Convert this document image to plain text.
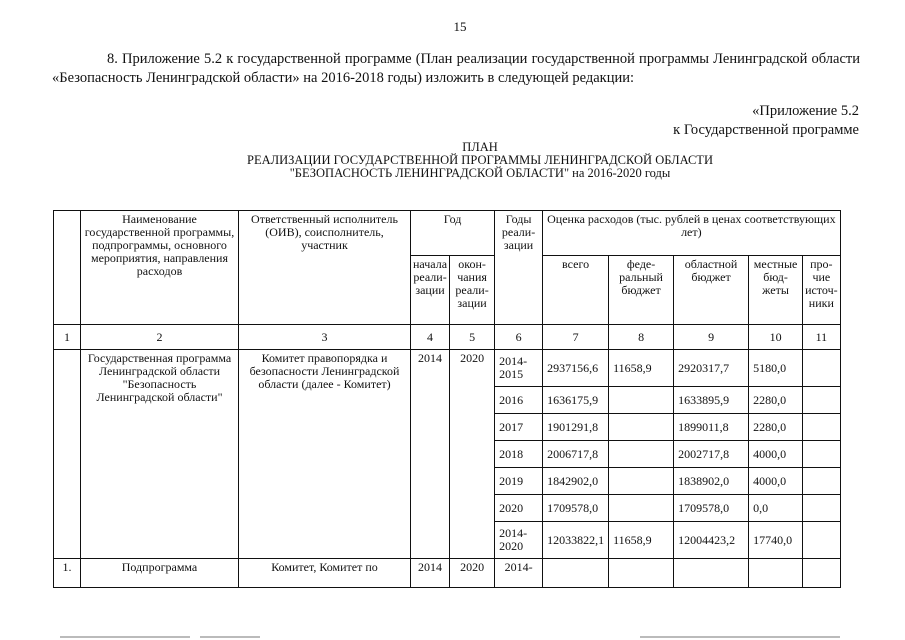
15
8. Приложение 5.2 к государственной программе (План реализации государственной программы Ленинградской области «Безопасность Ленинградской области» на 2016-2018 годы) изложить в следующей редакции:
«Приложение 5.2
к Государственной программе
ПЛАН
РЕАЛИЗАЦИИ ГОСУДАРСТВЕННОЙ ПРОГРАММЫ ЛЕНИНГРАДСКОЙ ОБЛАСТИ
"БЕЗОПАСНОСТЬ ЛЕНИНГРАДСКОЙ ОБЛАСТИ" на 2016-2020 годы
	Наименование государственной программы, подпрограммы, основного мероприятия, направления расходов	Ответственный исполнитель (ОИВ), соисполнитель, участник	Год		Годы реали-зации	Оценка расходов (тыс. рублей в ценах соответствующих лет)				
			начала реали-зации	окон-чания реали-зации		всего	феде-ральный бюджет	областной бюджет	местные бюд-жеты	про-чие источ-ники
1	2	3	4	5	6	7	8	9	10	11
	Государственная программа Ленинградской области "Безопасность Ленинградской области"	Комитет правопорядка и безопасности Ленинградской области (далее - Комитет)	2014	2020	2014-2015	2937156,6	11658,9	2920317,7	5180,0	
					2016	1636175,9		1633895,9	2280,0	
					2017	1901291,8		1899011,8	2280,0	
					2018	2006717,8		2002717,8	4000,0	
					2019	1842902,0		1838902,0	4000,0	
					2020	1709578,0		1709578,0	0,0	
					2014-2020	12033822,1	11658,9	12004423,2	17740,0	
1.	Подпрограмма	Комитет, Комитет по	2014	2020	2014-					
